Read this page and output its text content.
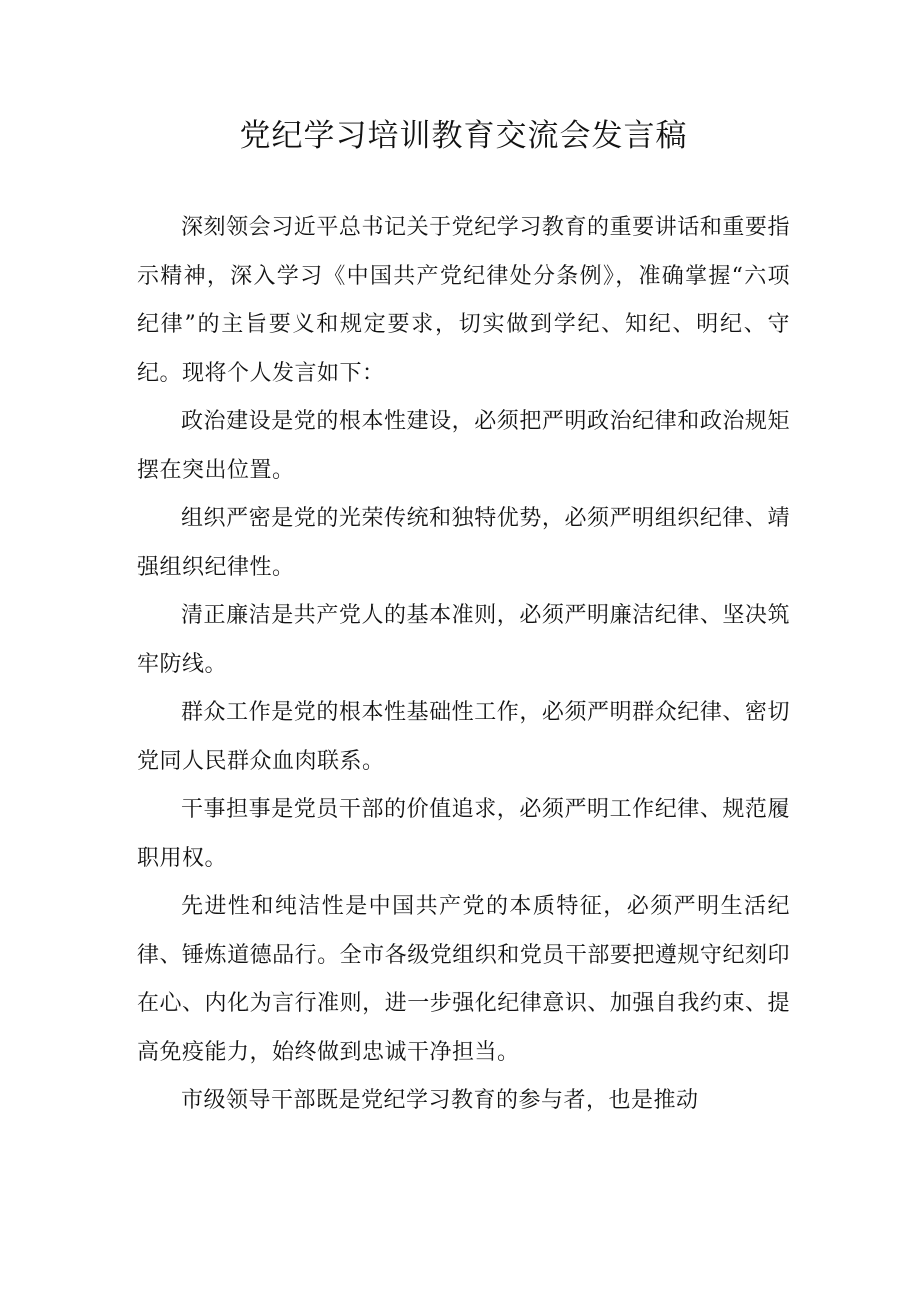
党纪学习培训教育交流会发言稿

深刻领会习近平总书记关于党纪学习教育的重要讲话和重要指示精神，深入学习《中国共产党纪律处分条例》，准确掌握“六项纪律”的主旨要义和规定要求，切实做到学纪、知纪、明纪、守纪。现将个人发言如下：

政治建设是党的根本性建设，必须把严明政治纪律和政治规矩摆在突出位置。

组织严密是党的光荣传统和独特优势，必须严明组织纪律、靖强组织纪律性。

清正廉洁是共产党人的基本准则，必须严明廉洁纪律、坚决筑牢防线。

群众工作是党的根本性基础性工作，必须严明群众纪律、密切党同人民群众血肉联系。

干事担事是党员干部的价值追求，必须严明工作纪律、规范履职用权。

先进性和纯洁性是中国共产党的本质特征，必须严明生活纪律、锤炼道德品行。全市各级党组织和党员干部要把遵规守纪刻印在心、内化为言行准则，进一步强化纪律意识、加强自我约束、提高免疫能力，始终做到忠诚干净担当。

市级领导干部既是党纪学习教育的参与者，也是推动
